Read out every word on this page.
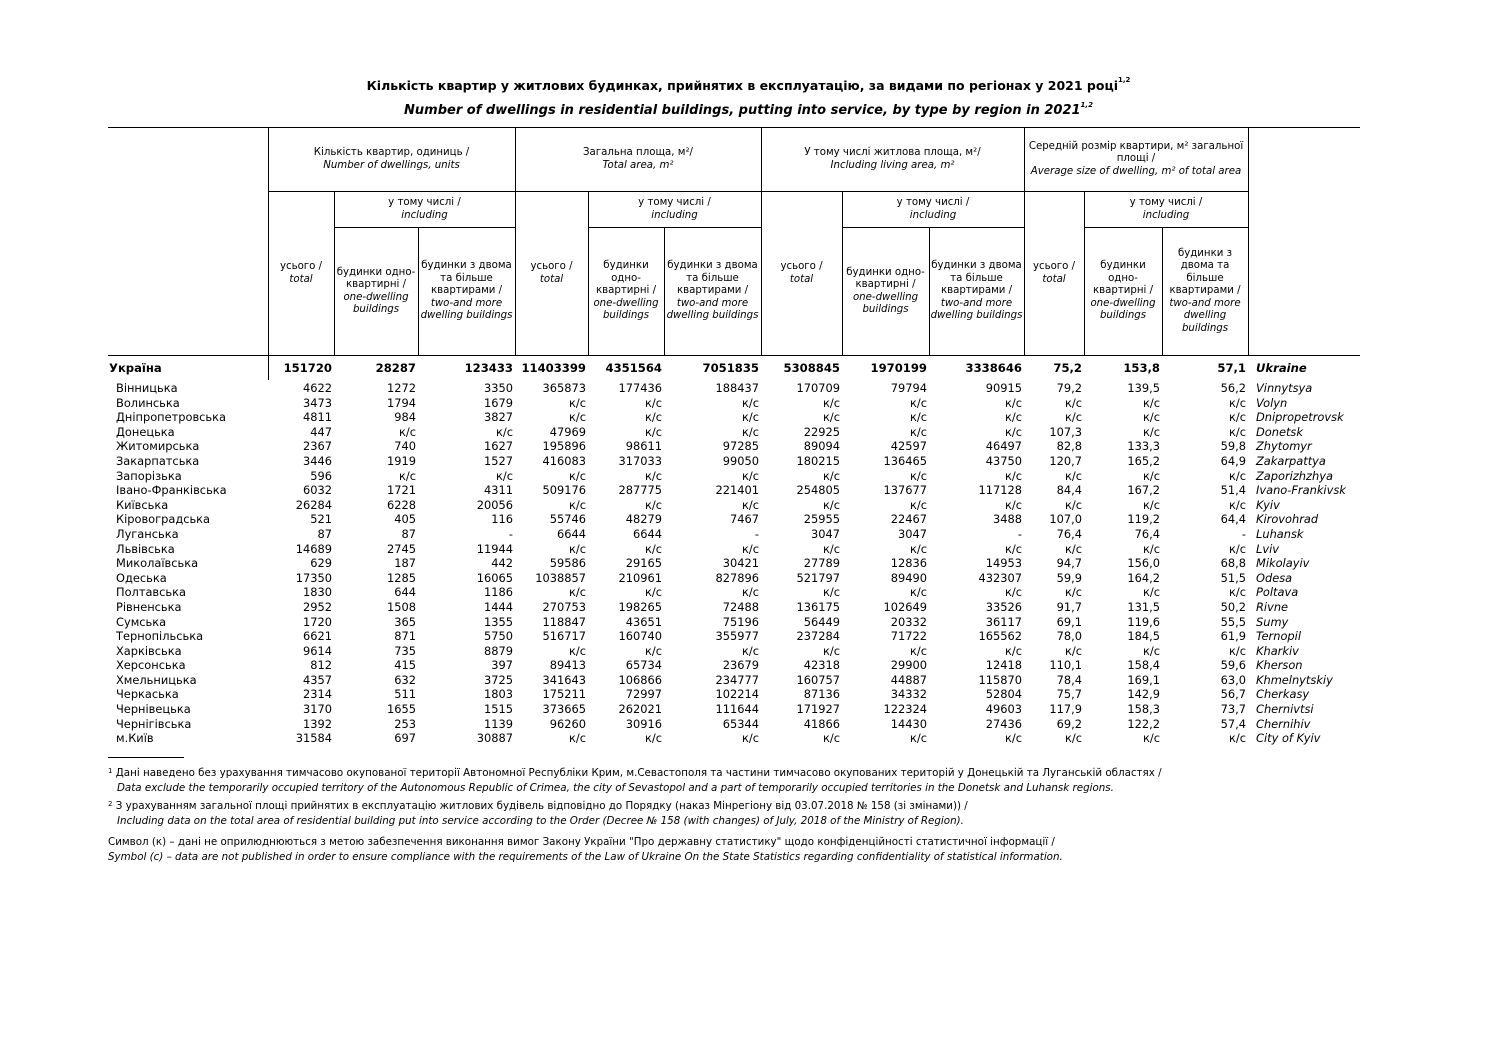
Кількість квартир у житлових будинках, прийнятих в експлуатацію, за видами по регіонах у 2021 році$^{1,2}$
Number of dwellings in residential buildings, putting into service, by type by region in 2021$^{1,2}$
	Кількість квартир, одиниць /
Number of dwellings, units			Загальна площа, м²/
Total area, m²			У тому числі житлова площа, м²/
Including living area, m²			Середній розмір квартири, м² загальної площі /
Average size of dwelling, m² of total area			
	усього /
total	у тому числі /
including		усього /
total	у тому числі /
including		усього /
total	у тому числі /
including		усього /
total	у тому числі /
including		
		будинки одно-квартирні /
one-dwelling buildings	будинки з двома та більше квартирами /
two-and more dwelling buildings		будинки одно-квартирні /
one-dwelling buildings	будинки з двома та більше квартирами /
two-and more dwelling buildings		будинки одно-квартирні /
one-dwelling buildings	будинки з двома та більше квартирами /
two-and more dwelling buildings		будинки одно-квартирні /
one-dwelling buildings	будинки з двома та більше квартирами /
two-and more dwelling buildings	
Україна	151720	28287	123433	11403399	4351564	7051835	5308845	1970199	3338646	75,2	153,8	57,1	Ukraine
Вінницька	4622	1272	3350	365873	177436	188437	170709	79794	90915	79,2	139,5	56,2	Vinnytsya
Волинська	3473	1794	1679	к/с	к/с	к/с	к/с	к/с	к/с	к/с	к/с	к/с	Volyn
Дніпропетровська	4811	984	3827	к/с	к/с	к/с	к/с	к/с	к/с	к/с	к/с	к/с	Dnipropetrovsk
Донецька	447	к/с	к/с	47969	к/с	к/с	22925	к/с	к/с	107,3	к/с	к/с	Donetsk
Житомирська	2367	740	1627	195896	98611	97285	89094	42597	46497	82,8	133,3	59,8	Zhytomyr
Закарпатська	3446	1919	1527	416083	317033	99050	180215	136465	43750	120,7	165,2	64,9	Zakarpattya
Запорізька	596	к/с	к/с	к/с	к/с	к/с	к/с	к/с	к/с	к/с	к/с	к/с	Zaporizhzhya
Івано-Франківська	6032	1721	4311	509176	287775	221401	254805	137677	117128	84,4	167,2	51,4	Ivano-Frankivsk
Київська	26284	6228	20056	к/с	к/с	к/с	к/с	к/с	к/с	к/с	к/с	к/с	Kyiv
Кіровоградська	521	405	116	55746	48279	7467	25955	22467	3488	107,0	119,2	64,4	Kirovohrad
Луганська	87	87	-	6644	6644	-	3047	3047	-	76,4	76,4	-	Luhansk
Львівська	14689	2745	11944	к/с	к/с	к/с	к/с	к/с	к/с	к/с	к/с	к/с	Lviv
Миколаївська	629	187	442	59586	29165	30421	27789	12836	14953	94,7	156,0	68,8	Mikolayiv
Одеська	17350	1285	16065	1038857	210961	827896	521797	89490	432307	59,9	164,2	51,5	Odesa
Полтавська	1830	644	1186	к/с	к/с	к/с	к/с	к/с	к/с	к/с	к/с	к/с	Poltava
Рівненська	2952	1508	1444	270753	198265	72488	136175	102649	33526	91,7	131,5	50,2	Rivne
Сумська	1720	365	1355	118847	43651	75196	56449	20332	36117	69,1	119,6	55,5	Sumy
Тернопільська	6621	871	5750	516717	160740	355977	237284	71722	165562	78,0	184,5	61,9	Ternopil
Харківська	9614	735	8879	к/с	к/с	к/с	к/с	к/с	к/с	к/с	к/с	к/с	Kharkiv
Херсонська	812	415	397	89413	65734	23679	42318	29900	12418	110,1	158,4	59,6	Kherson
Хмельницька	4357	632	3725	341643	106866	234777	160757	44887	115870	78,4	169,1	63,0	Khmelnytskiy
Черкаська	2314	511	1803	175211	72997	102214	87136	34332	52804	75,7	142,9	56,7	Cherkasy
Чернівецька	3170	1655	1515	373665	262021	111644	171927	122324	49603	117,9	158,3	73,7	Chernivtsi
Чернігівська	1392	253	1139	96260	30916	65344	41866	14430	27436	69,2	122,2	57,4	Chernihiv
м.Київ	31584	697	30887	к/с	к/с	к/с	к/с	к/с	к/с	к/с	к/с	к/с	City of Kyiv
$^1$ Дані наведено без урахування тимчасово окупованої території Автономної Республіки Крим, м.Севастополя та частини тимчасово окупованих територій у Донецькій та Луганській областях /
Data exclude the temporarily occupied territory of the Autonomous Republic of Crimea, the city of Sevastopol and a part of temporarily occupied territories in the Donetsk and Luhansk regions.
$^2$ З урахуванням загальної площі прийнятих в експлуатацію житлових будівель відповідно до Порядку (наказ Мінрегіону від 03.07.2018 № 158 (зі змінами)) /
Including data on the total area of residential building put into service according to the Order (Decree № 158 (with changes) of July, 2018 of the Ministry of Region).
Символ (к) – дані не оприлюднюються з метою забезпечення виконання вимог Закону України "Про державну статистику" щодо конфіденційності статистичної інформації /
Symbol (c) – data are not published in order to ensure compliance with the requirements of the Law of Ukraine On the State Statistics regarding confidentiality of statistical information.
